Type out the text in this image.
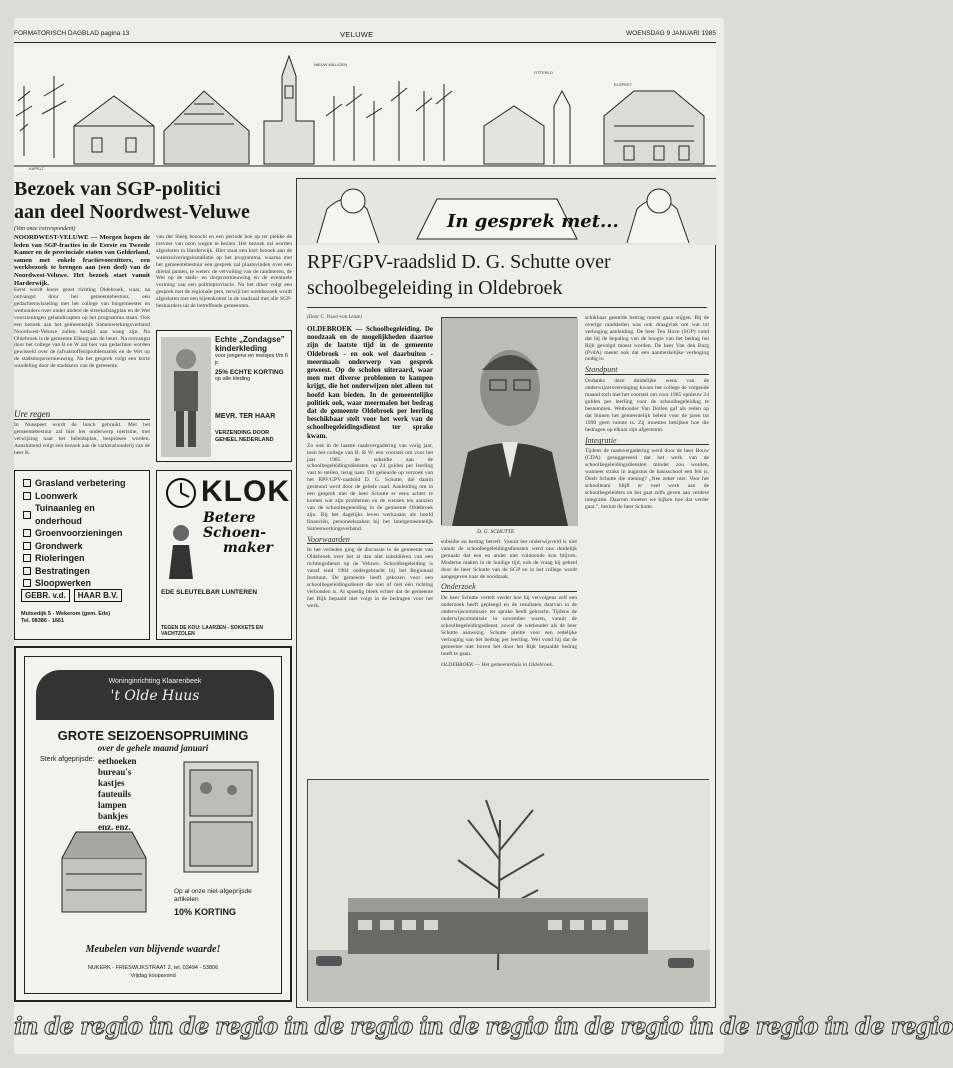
FORMATORISCH DAGBLAD pagina 13	VELUWE	WOENSDAG 9 JANUARI 1985
KAPELT
NIEUW MILLIGEN
OTTERLO
ELSPEET
Bezoek van SGP-politici
aan deel Noordwest-Veluwe
(Van onze correspondent)

NOORDWEST-VELUWE — Morgen hopen de leden van SGP-fracties in de Eerste en Tweede Kamer en de provinciale staten van Gelderland, samen met enkele fractievoorzitters, een werkbezoek te brengen aan (een deel) van de Noordwest-Veluwe. Het bezoek start vanuit Harderwijk.

Eerst wordt koers gezet richting Oldebroek, waar, na ontvangst door het gemeentebestuur, een gedachtenwisseling met het college van burgemeester en wethouders over onder andere de streekafslagplan en de Wet voorzieningen gehandicapten op het programma staan. Ook een bezoek aan het gemeentelijk Samenwerkingsverband Noordwest-Veluwe zullen kastijd aan wang zijn. Na Oldebroek is de gemeente Elburg aan de beurt. Na ontvangst door het college van B en W zal hier van gedachten worden gewisseld over de (afvalstoffen)problematiek en de Wet op de stadsdorpsvernieuwing. Na het gesprek volgt een korte wandeling door de stadskern van de gemeente.

Ure regen

In Nunspeet wordt de lunch gebruikt. Met het gemeentebestuur zal hier het onderwerp toerisme, met verwijzing naar het beleidsplan, besproken worden. Aansluitend volgt een bezoek aan de varkenshouderij van de heer K.

van der Sleeg bezocht en een periode hoe op ter plekke de toevoer van ozon wegen te bezien. Het bezoek zal worden afgesloten in Harderwijk. Hier staat een kort bezoek aan de waterzuiveringsinstallatie op het programma, waarna met het gemeentebestuur een gesprek zal plaatsvinden over een drietal punten, te weten: de vervuiling van de randmeren, de Wet op de stads- en dorpsvernieuwing en de eventuele vorming van een politieprovincie. Na het diner volgt een gesprek met de regionale pers, terwijl het werkbezoek wordt afgesloten met een bijeenkomst in de raadzaal met alle SGP-bestuurders uit de betreffende gemeenten.

Echte „Zondagse”
kinderkleding
voor jongens en meisjes t/m 6 jr.
25% ECHTE KORTING
op alle kleding
MEVR. TER HAAR
VERZENDING DOOR GEHEEL NEDERLAND
Grasland verbetering
Loonwerk
Tuinaanleg en onderhoud
Groenvoorzieningen
Grondwerk
Rioleringen
Bestratingen
Sloopwerken
GEBR. v.d.	HAAR B.V.
Mutsedijk 5 - Wekerom (gem. Ede)
Tel. 08386 - 1661
KLOK
Betere
Schoen-
maker
EDE SLEUTELBAR LUNTEREN
TEGEN DE KOU: LAARZEN - SOKKETS EN VACHTZOLEN
Woninginrichting Klaarenbeek
't Olde Huus
GROTE SEIZOENSOPRUIMING
over de gehele maand januari
Sterk afgeprijsde: eethoeken
bureau's
kastjes
fauteuils
lampen
bankjes
enz. enz.
Op al onze niet-afgeprijsde
artikelen
10% KORTING
Meubelen van blijvende waarde!
NUKERK - FRIESWIJKSTRAAT 2, tel. 03494 - 53806
Vrijdag koopavond
In gesprek met...
RPF/GPV-raadslid D. G. Schutte over
schoolbegeleiding in Oldebroek

(Door C. Visser-van Lenze)

OLDEBROEK — Schoolbegeleiding. De noodzaak en de mogelijkheden daartoe zijn de laatste tijd in de gemeente Oldebroek - en ook wel daarbuiten - meermaals onderwerp van gesprek geweest. Op de scholen uiteraard, waar men met diverse problemen te kampen krijgt, die het onderwijzen niet alleen tot hoofd kan bieden. In de gemeentelijke politiek ook, waar meermalen het bedrag dat de gemeente Oldebroek per leerling beschikbaar stelt voor het werk van de schoolbegeleidingsdienst ter sprake kwam.

Zo ook in de laatste raadsvergadering van vorig jaar, toen het college van B. & W. een voorstel om voor het jaar 1985 de subsidie aan de schoolbegeleidingsdiensten op 24 gulden per leerling vast te stellen, terug nam. Dit gebeurde op verzoek van het RPF/GPV-raadslid D. G. Schutte, die daarin gesteund werd door de gehele raad. Aanleiding om in een gesprek met de heer Schutte er eens achter te komen wat zijn problemen en de wensen ten aanzien van de schoolbegeleiding in de gemeente Oldebroek zijn. Bij het dagelijks leven werkzaam als hoofd financiën, personeelszaken bij het Intergemeentelijk Samenwerkingsverband.

Voorwaarden

In het verleden ging de discussie in de gemeente van Oldebroek over het al dan niet subsidiëren van een richtingsdienst op de Veluwe. Schoolbegeleiding is vanaf eind 1984 ondergebracht bij het Regionaal Instituut. De gemeente heeft gekozen voor een schoolbegeleidingsdienst die niet of met één richting verbonden is. Al spoedig bleek echter dat de gemeente het Rijk bepaald niet volgt in de bedragen voor het werk.

D. G. SCHUTTE

subsidie en bedrag betreft. Vanuit het onderwijsveld is niet vanuit de schoolbegeleidingsdiensten werd ons duidelijk gemaakt dat een en ander niet voldoende kon blijven. Moderne maken in de huidige tijd, ook de vraag bij geheel door de heer Schutte van de SGP en in het college wordt aangegeven naar de noodzaak.

Onderzoek

De heer Schutte vertelt verder hoe hij vervolgens zelf een onderzoek heeft gepleegd en de resultaten daarvan in de onderwijscommissie ter sprake heeft gebracht. Tijdens de onderwijscommissie in november waren, vanuit de schoolbegeleidingsdienst, zowel de wethouder als de heer Schutte aanwezig. Schutte pleitte voor een redelijke verhoging van het bedrag per leerling. Wel vond hij dat de gemeente niet boven het door het Rijk bepaalde bedrag hoeft te gaan.

OLDEBROEK — Het gemeentehuis in Oldebroek.

schikbaar gestelde bedrag moest gaan stijgen. Bij de overige raadsleden was ook draagvlak om wat tot verhoging aanleiding. De heer Ten Hove (SGP) vond dat bij de bepaling van de hoogte van het bedrag het Rijk gevolgd moest worden. De heer Van den Burg (PvdA) meent ook dat een aanmerkelijke verhoging nodig is.

Standpunt

Ondanks deze duidelijke wens van de onderwijzersvereniging kwam het college de volgende maand toch met het voorstel om voor 1985 opnieuw 24 gulden per leerling voor de schoolbegeleiding te bestemmen. Wethouder Van Dollen gaf als reden op dat binnen het gemeentelijk beleid voor de jaren tot 1990 geen ruimte is. Zij moesten bekijken hoe die bedragen op elkaar zijn afgestemd.

Integratie

Tijdens de raadsvergadering werd door de heer Bouw (CDA) gesuggereerd dat het werk van de schoolbegeleidingsdiensten minder zou worden, wanneer straks in augustus de basisschool een feit is. Deelt Schutte die mening? „Nee zeker niet. Voor het schoolteam blijft er veel werk aan de schoolbegeleiders en het gaat zelfs geven aan verdere integratie. Daarom moeten we kijken hoe dat verder gaat.”, besluit de heer Schutte.

in de regio in de regio in de regio in de regio in de regio in de regio in de regio
